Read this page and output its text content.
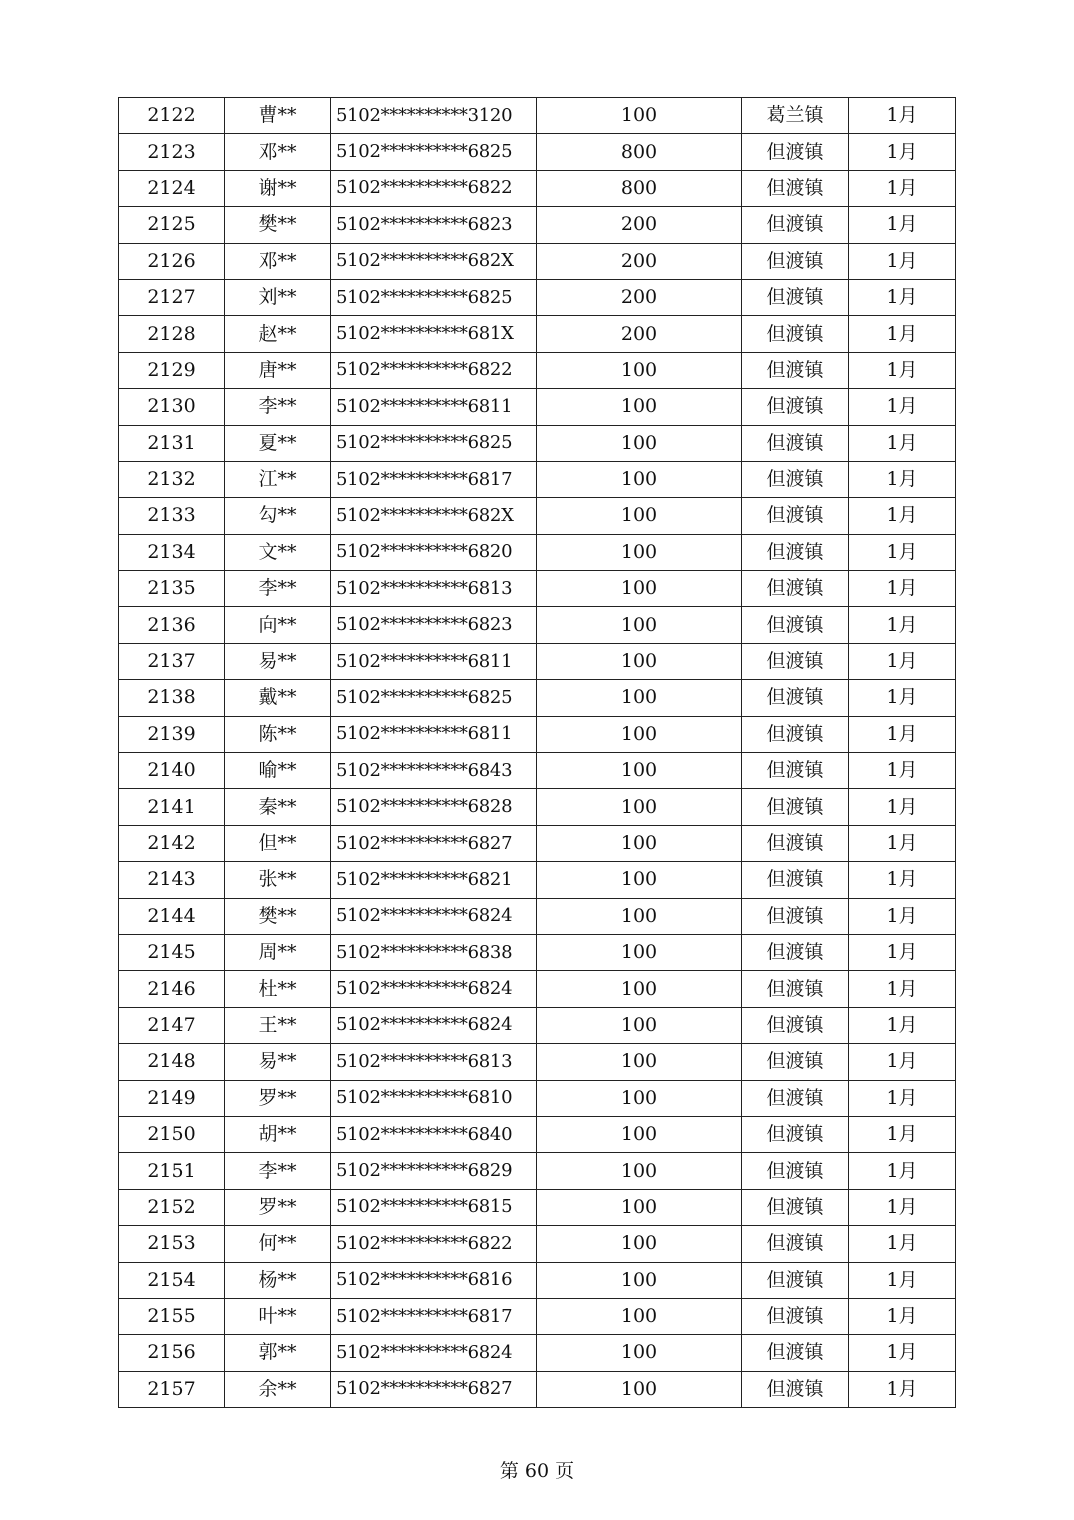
2122	曹**	5102**********3120	100	葛兰镇	1月
2123	邓**	5102**********6825	800	但渡镇	1月
2124	谢**	5102**********6822	800	但渡镇	1月
2125	樊**	5102**********6823	200	但渡镇	1月
2126	邓**	5102**********682X	200	但渡镇	1月
2127	刘**	5102**********6825	200	但渡镇	1月
2128	赵**	5102**********681X	200	但渡镇	1月
2129	唐**	5102**********6822	100	但渡镇	1月
2130	李**	5102**********6811	100	但渡镇	1月
2131	夏**	5102**********6825	100	但渡镇	1月
2132	江**	5102**********6817	100	但渡镇	1月
2133	勾**	5102**********682X	100	但渡镇	1月
2134	文**	5102**********6820	100	但渡镇	1月
2135	李**	5102**********6813	100	但渡镇	1月
2136	向**	5102**********6823	100	但渡镇	1月
2137	易**	5102**********6811	100	但渡镇	1月
2138	戴**	5102**********6825	100	但渡镇	1月
2139	陈**	5102**********6811	100	但渡镇	1月
2140	喻**	5102**********6843	100	但渡镇	1月
2141	秦**	5102**********6828	100	但渡镇	1月
2142	但**	5102**********6827	100	但渡镇	1月
2143	张**	5102**********6821	100	但渡镇	1月
2144	樊**	5102**********6824	100	但渡镇	1月
2145	周**	5102**********6838	100	但渡镇	1月
2146	杜**	5102**********6824	100	但渡镇	1月
2147	王**	5102**********6824	100	但渡镇	1月
2148	易**	5102**********6813	100	但渡镇	1月
2149	罗**	5102**********6810	100	但渡镇	1月
2150	胡**	5102**********6840	100	但渡镇	1月
2151	李**	5102**********6829	100	但渡镇	1月
2152	罗**	5102**********6815	100	但渡镇	1月
2153	何**	5102**********6822	100	但渡镇	1月
2154	杨**	5102**********6816	100	但渡镇	1月
2155	叶**	5102**********6817	100	但渡镇	1月
2156	郭**	5102**********6824	100	但渡镇	1月
2157	余**	5102**********6827	100	但渡镇	1月
第 60 页
